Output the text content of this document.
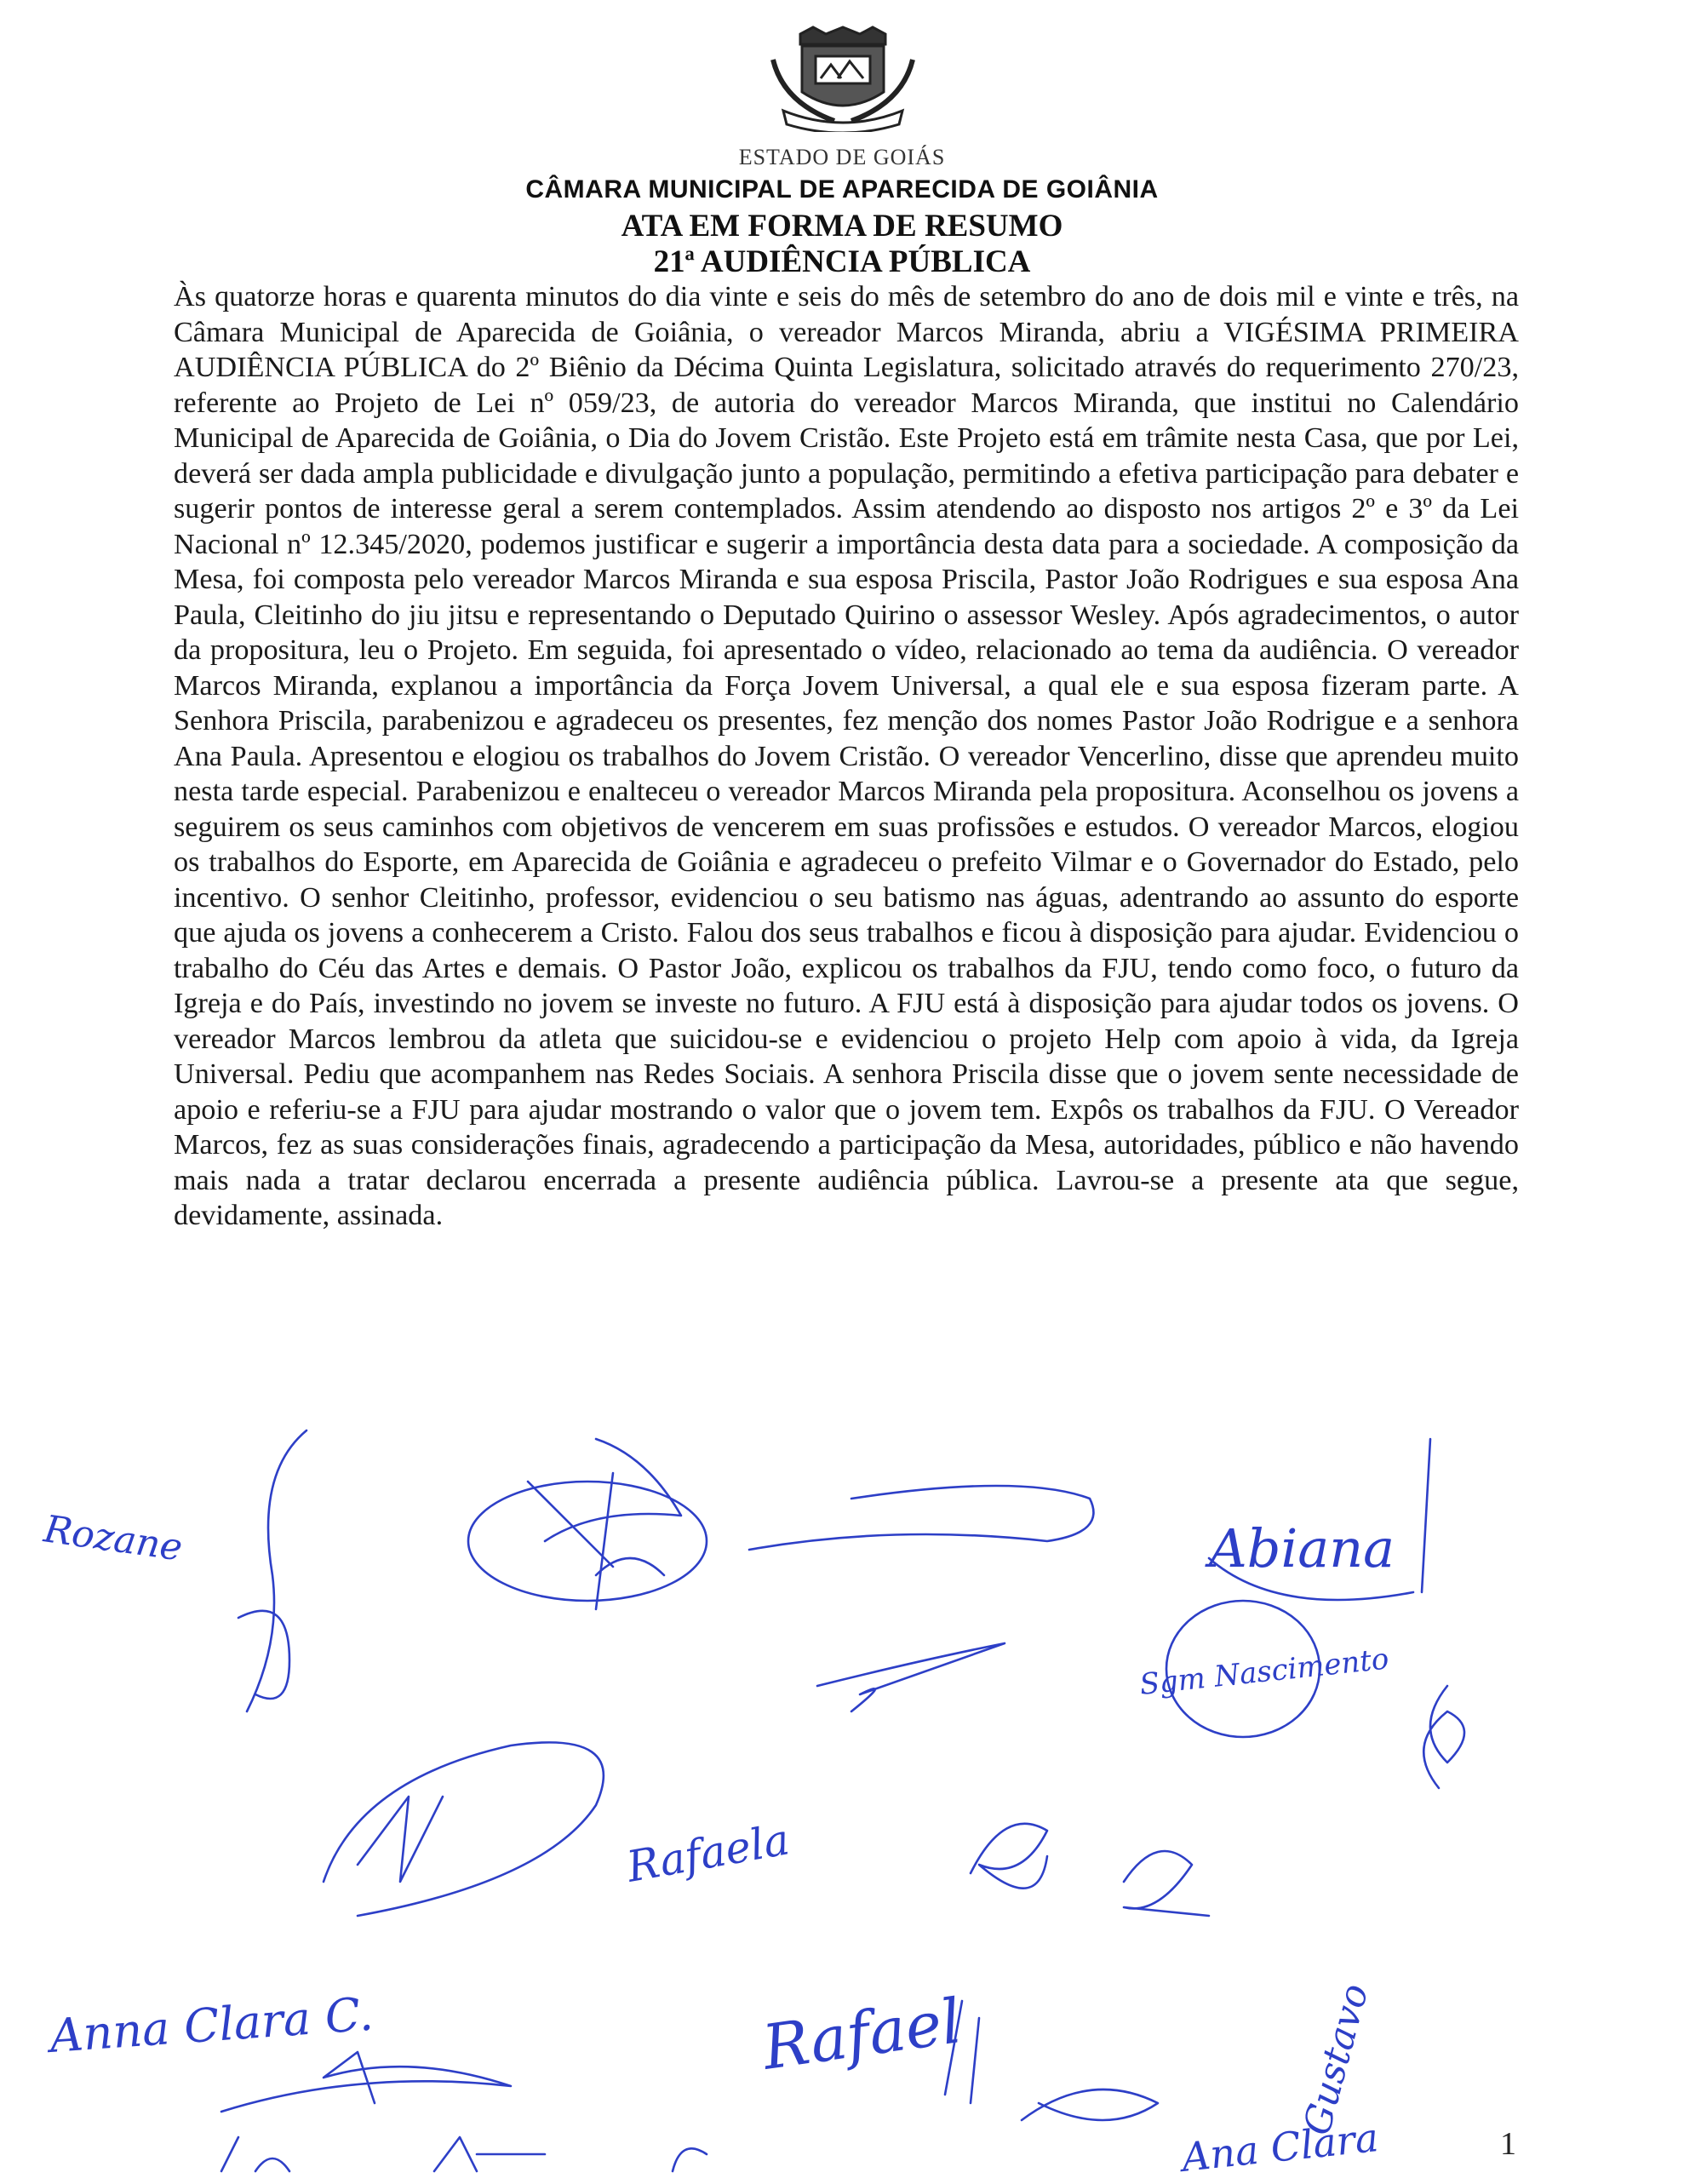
ESTADO DE GOIÁS
CÂMARA MUNICIPAL DE APARECIDA DE GOIÂNIA
ATA EM FORMA DE RESUMO
21ª AUDIÊNCIA PÚBLICA
Às quatorze horas e quarenta minutos do dia vinte e seis do mês de setembro do ano de dois mil e vinte e três, na Câmara Municipal de Aparecida de Goiânia, o vereador Marcos Miranda, abriu a VIGÉSIMA PRIMEIRA AUDIÊNCIA PÚBLICA do 2º Biênio da Décima Quinta Legislatura, solicitado através do requerimento 270/23, referente ao Projeto de Lei nº 059/23, de autoria do vereador Marcos Miranda, que institui no Calendário Municipal de Aparecida de Goiânia, o Dia do Jovem Cristão. Este Projeto está em trâmite nesta Casa, que por Lei, deverá ser dada ampla publicidade e divulgação junto a população, permitindo a efetiva participação para debater e sugerir pontos de interesse geral a serem contemplados. Assim atendendo ao disposto nos artigos 2º e 3º da Lei Nacional nº 12.345/2020, podemos justificar e sugerir a importância desta data para a sociedade. A composição da Mesa, foi composta pelo vereador Marcos Miranda e sua esposa Priscila, Pastor João Rodrigues e sua esposa Ana Paula, Cleitinho do jiu jitsu e representando o Deputado Quirino o assessor Wesley. Após agradecimentos, o autor da propositura, leu o Projeto. Em seguida, foi apresentado o vídeo, relacionado ao tema da audiência. O vereador Marcos Miranda, explanou a importância da Força Jovem Universal, a qual ele e sua esposa fizeram parte. A Senhora Priscila, parabenizou e agradeceu os presentes, fez menção dos nomes Pastor João Rodrigue e a senhora Ana Paula. Apresentou e elogiou os trabalhos do Jovem Cristão. O vereador Vencerlino, disse que aprendeu muito nesta tarde especial. Parabenizou e enalteceu o vereador Marcos Miranda pela propositura. Aconselhou os jovens a seguirem os seus caminhos com objetivos de vencerem em suas profissões e estudos. O vereador Marcos, elogiou os trabalhos do Esporte, em Aparecida de Goiânia e agradeceu o prefeito Vilmar e o Governador do Estado, pelo incentivo. O senhor Cleitinho, professor, evidenciou o seu batismo nas águas, adentrando ao assunto do esporte que ajuda os jovens a conhecerem a Cristo. Falou dos seus trabalhos e ficou à disposição para ajudar. Evidenciou o trabalho do Céu das Artes e demais. O Pastor João, explicou os trabalhos da FJU, tendo como foco, o futuro da Igreja e do País, investindo no jovem se investe no futuro. A FJU está à disposição para ajudar todos os jovens. O vereador Marcos lembrou da atleta que suicidou-se e evidenciou o projeto Help com apoio à vida, da Igreja Universal. Pediu que acompanhem nas Redes Sociais. A senhora Priscila disse que o jovem sente necessidade de apoio e referiu-se a FJU para ajudar mostrando o valor que o jovem tem. Expôs os trabalhos da FJU. O Vereador Marcos, fez as suas considerações finais, agradecendo a participação da Mesa, autoridades, público e não havendo mais nada a tratar declarou encerrada a presente audiência pública. Lavrou-se a presente ata que segue, devidamente, assinada.
Rozane	Abiana
Sgm Nascimento
Rafaela
Anna Clara C.	Rafael	Gustavo
Ana Clara	1
